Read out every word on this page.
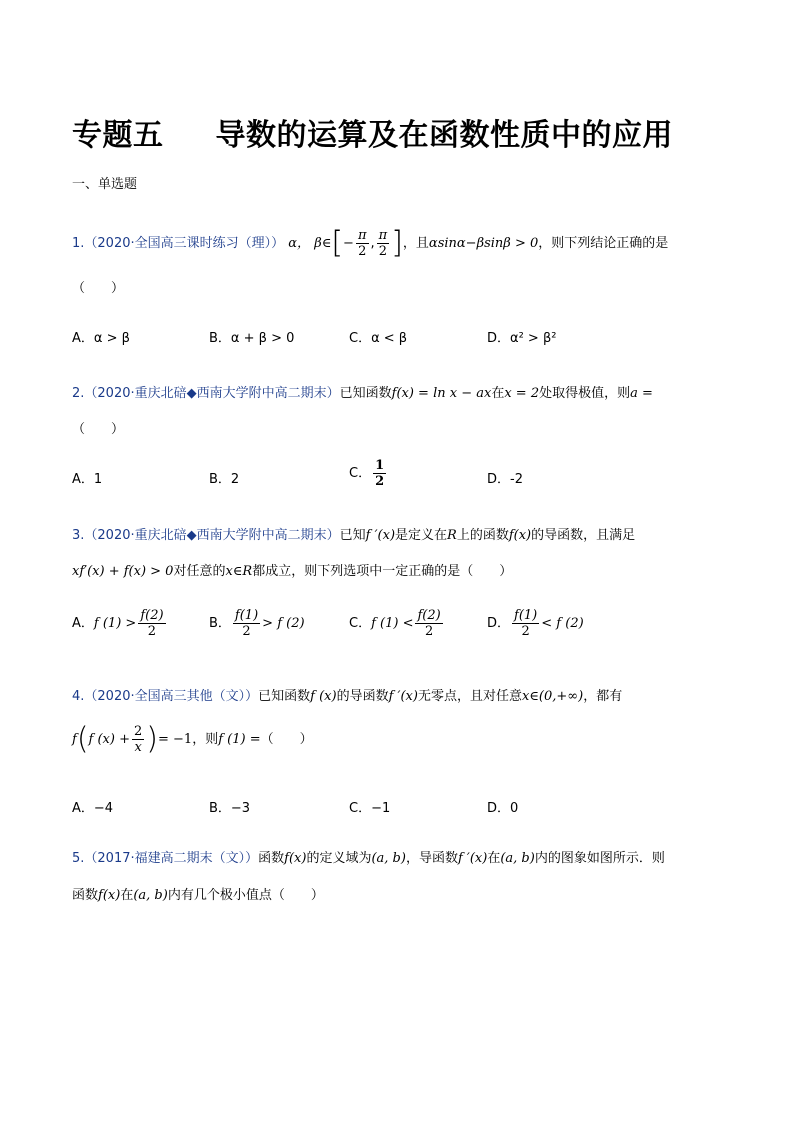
专题五 导数的运算及在函数性质中的应用
一、单选题
1.（2020·全国高三课时练习（理）） α， β∈[− $\frac{\pi}{2}$ , $\frac{\pi}{2}$ ]，且αsinα−βsinβ > 0，则下列结论正确的是
（　　）
A．α > β	B．α + β > 0	C．α < β	D．α² > β²
2.（2020·重庆北碚◆西南大学附中高二期末）已知函数f(x) = ln x − ax在x = 2处取得极值，则a =
（　　）
A．1	B．2	C． $\frac{1}{2}$	D．-2
3.（2020·重庆北碚◆西南大学附中高二期末）已知f ′(x)是定义在R上的函数f(x)的导函数，且满足
xf′(x) + f(x) > 0对任意的x∈R都成立，则下列选项中一定正确的是（　　）
A．f $(1) > \frac{f(2)}{2}$	B． $\frac{f(1)}{2} > f$ (2)	C．f $(1) < \frac{f(2)}{2}$	D． $\frac{f(1)}{2} < f$ (2)
4.（2020·全国高三其他（文））已知函数f (x)的导函数f ′(x)无零点，且对任意x∈(0,+∞)，都有
f(f $(x) + \frac{2}{x}$ )= −1，则f (1) =（　　）
A．−4	B．−3	C．−1	D．0
5.（2017·福建高二期末（文））函数f(x)的定义域为(a, b)，导函数f ′(x)在(a, b)内的图象如图所示．则
函数f(x)在(a, b)内有几个极小值点（　　）
